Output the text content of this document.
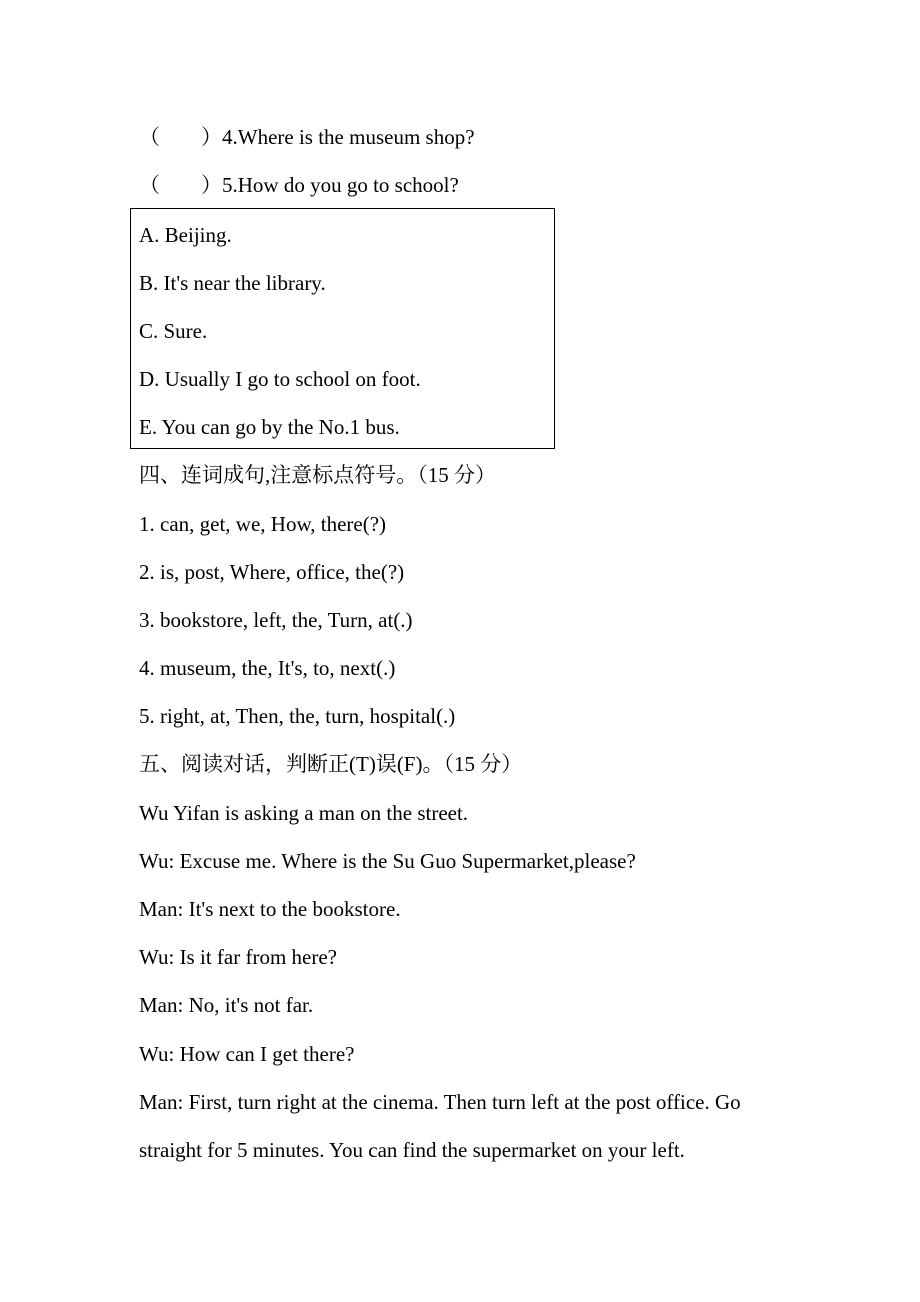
（ ）4.Where is the museum shop?
（ ）5.How do you go to school?
A. Beijing.
B. It's near the library.
C. Sure.
D. Usually I go to school on foot.
E. You can go by the No.1 bus.
四、连词成句,注意标点符号。（15 分）
1. can, get, we, How, there(?)
2. is, post, Where, office, the(?)
3. bookstore, left, the, Turn, at(.)
4. museum, the, It's, to, next(.)
5. right, at, Then, the, turn, hospital(.)
五、阅读对话，判断正(T)误(F)。（15 分）
Wu Yifan is asking a man on the street.
Wu: Excuse me. Where is the Su Guo Supermarket,please?
Man: It's next to the bookstore.
Wu: Is it far from here?
Man: No, it's not far.
Wu: How can I get there?
Man: First, turn right at the cinema. Then turn left at the post office. Go
straight for 5 minutes. You can find the supermarket on your left.
